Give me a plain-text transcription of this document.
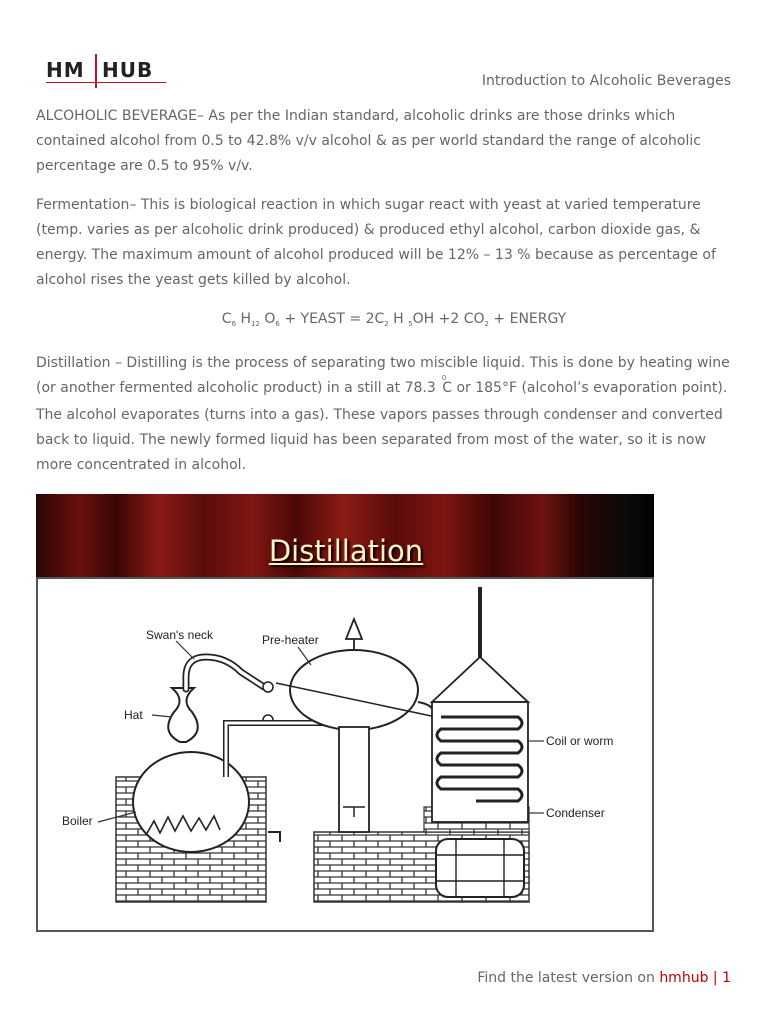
HM HUB	Introduction to Alcoholic Beverages

ALCOHOLIC BEVERAGE– As per the Indian standard, alcoholic drinks are those drinks which contained alcohol from 0.5 to 42.8% v/v alcohol & as per world standard the range of alcoholic percentage are 0.5 to 95% v/v.

Fermentation– This is biological reaction in which sugar react with yeast at varied temperature (temp. varies as per alcoholic drink produced) & produced ethyl alcohol, carbon dioxide gas, & energy. The maximum amount of alcohol produced will be 12% – 13 % because as percentage of alcohol rises the yeast gets killed by alcohol.

$C_6$ $H_{12}$ $O_6$ + YEAST = $2C_2$ H $_5$OH +2 $CO_2$ + ENERGY

Distillation – Distilling is the process of separating two miscible liquid. This is done by heating wine (or another fermented alcoholic product) in a still at 78.3$^0$C or 185°F (alcohol’s evaporation point). The alcohol evaporates (turns into a gas). These vapors passes through condenser and converted back to liquid. The newly formed liquid has been separated from most of the water, so it is now more concentrated in alcohol.

Distillation
Swan's neck	Pre-heater
Hat
Coil or worm
Boiler
Condenser
Find the latest version on hmhub | 1
